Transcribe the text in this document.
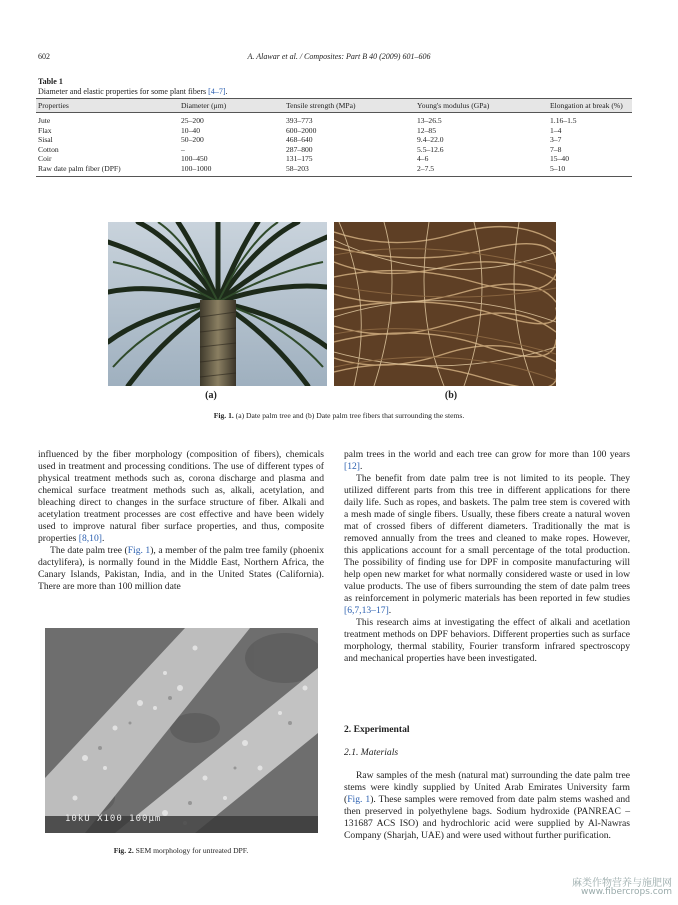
602	A. Alawar et al. / Composites: Part B 40 (2009) 601–606
Table 1
Diameter and elastic properties for some plant fibers [4–7].
Properties	Diameter (μm)	Tensile strength (MPa)	Young's modulus (GPa)	Elongation at break (%)
Jute	25–200	393–773	13–26.5	1.16–1.5
Flax	10–40	600–2000	12–85	1–4
Sisal	50–200	468–640	9.4–22.0	3–7
Cotton	–	287–800	5.5–12.6	7–8
Coir	100–450	131–175	4–6	15–40
Raw date palm fiber (DPF)	100–1000	58–203	2–7.5	5–10
(a)	(b)
Fig. 1. (a) Date palm tree and (b) Date palm tree fibers that surrounding the stems.

influenced by the fiber morphology (composition of fibers), chemicals used in treatment and processing conditions. The use of different types of physical treatment methods such as, corona discharge and plasma and chemical surface treatment methods such as, alkali, acetylation, and bleaching direct to changes in the surface structure of fiber. Alkali and acetylation treatment processes are cost effective and have been widely used to improve natural fiber surface properties, and thus, composite properties [8,10].

The date palm tree (Fig. 1), a member of the palm tree family (phoenix dactylifera), is normally found in the Middle East, Northern Africa, the Canary Islands, Pakistan, India, and in the United States (California). There are more than 100 million date

10kU X100 100μm
Fig. 2. SEM morphology for untreated DPF.

palm trees in the world and each tree can grow for more than 100 years [12].

The benefit from date palm tree is not limited to its people. They utilized different parts from this tree in different applications for there daily life. Such as ropes, and baskets. The palm tree stem is covered with a mesh made of single fibers. Usually, these fibers create a natural woven mat of crossed fibers of different diameters. Traditionally the mat is removed annually from the trees and cleaned to make ropes. However, this applications account for a small percentage of the total production. The possibility of finding use for DPF in composite manufacturing will help open new market for what normally considered waste or used in low value products. The use of fibers surrounding the stem of date palm trees as reinforcement in polymeric materials has been reported in few studies [6,7,13–17].

This research aims at investigating the effect of alkali and acetlation treatment methods on DPF behaviors. Different properties such as surface morphology, thermal stability, Fourier transform infrared spectroscopy and mechanical properties have been investigated.

2. Experimental
2.1. Materials

Raw samples of the mesh (natural mat) surrounding the date palm tree stems were kindly supplied by United Arab Emirates University farm (Fig. 1). These samples were removed from date palm stems washed and then preserved in polyethylene bags. Sodium hydroxide (PANREAC – 131687 ACS ISO) and hydrochloric acid were supplied by Al-Nawras Company (Sharjah, UAE) and were used without further purification.

麻类作物营养与施肥网
www.fibercrops.com
